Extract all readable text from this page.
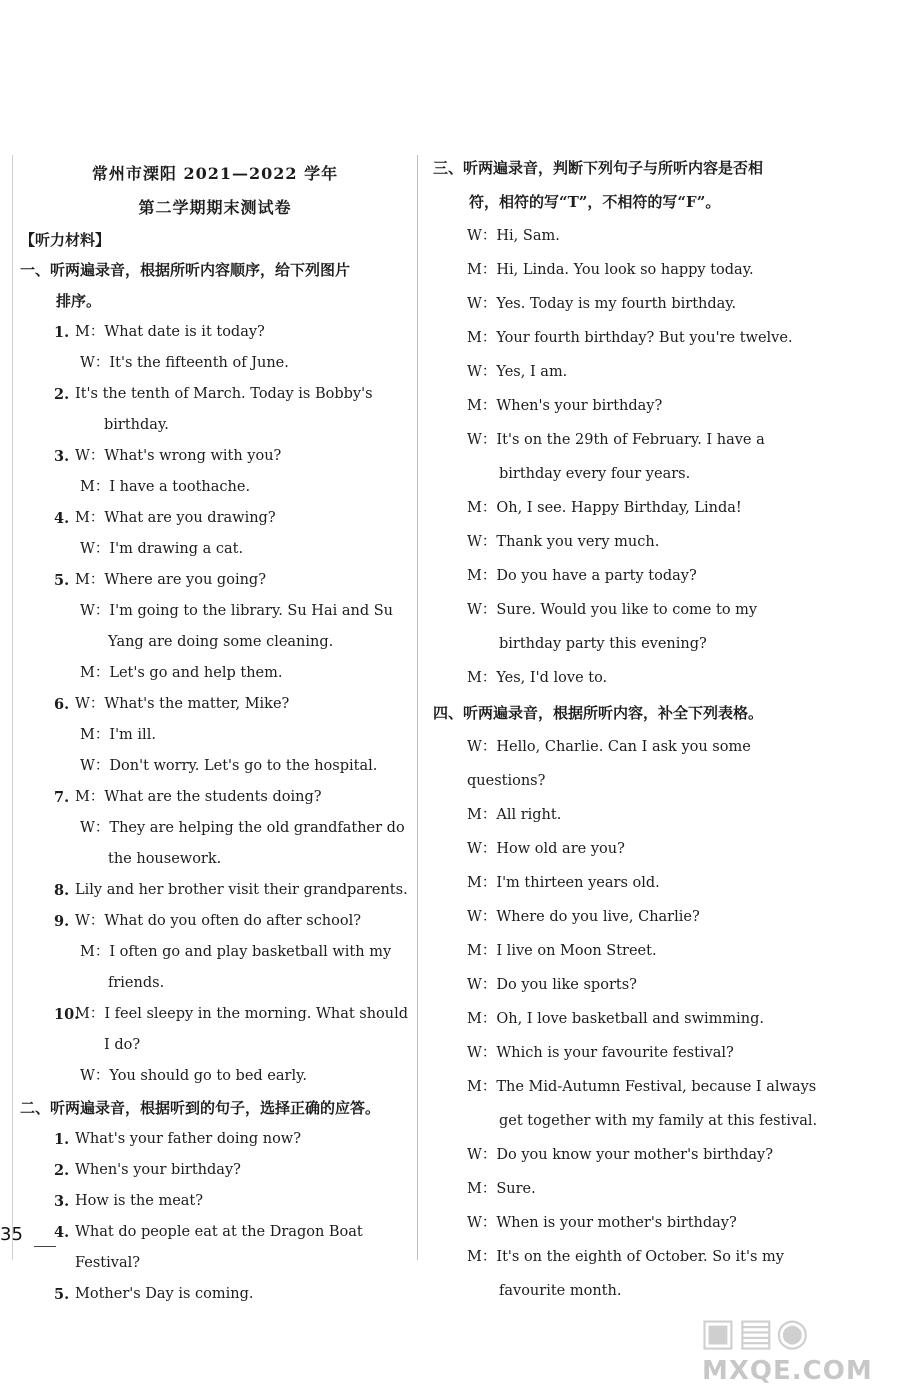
常州市溧阳 2021—2022 学年
第二学期期末测试卷
【听力材料】
一、听两遍录音，根据所听内容顺序，给下列图片
排序。
1. M：What date is it today?
W：It's the fifteenth of June.
2. It's the tenth of March. Today is Bobby's
birthday.
3. W：What's wrong with you?
M：I have a toothache.
4. M：What are you drawing?
W：I'm drawing a cat.
5. M：Where are you going?
W：I'm going to the library. Su Hai and Su
Yang are doing some cleaning.
M：Let's go and help them.
6. W：What's the matter, Mike?
M：I'm ill.
W：Don't worry. Let's go to the hospital.
7. M：What are the students doing?
W：They are helping the old grandfather do
the housework.
8. Lily and her brother visit their grandparents.
9. W：What do you often do after school?
M：I often go and play basketball with my
friends.
10.
M：I feel sleepy in the morning. What should
I do?
W：You should go to bed early.
二、听两遍录音，根据听到的句子，选择正确的应答。
1. What's your father doing now?
2. When's your birthday?
3. How is the meat?
4. What do people eat at the Dragon Boat Festival?
5. Mother's Day is coming.
三、听两遍录音，判断下列句子与所听内容是否相
符，相符的写“T”，不相符的写“F”。
W：Hi, Sam.
M：Hi, Linda. You look so happy today.
W：Yes. Today is my fourth birthday.
M：Your fourth birthday? But you're twelve.
W：Yes, I am.
M：When's your birthday?
W：It's on the 29th of February. I have a
birthday every four years.
M：Oh, I see. Happy Birthday, Linda!
W：Thank you very much.
M：Do you have a party today?
W：Sure. Would you like to come to my
birthday party this evening?
M：Yes, I'd love to.
四、听两遍录音，根据所听内容，补全下列表格。
W：Hello, Charlie. Can I ask you some questions?
M：All right.
W：How old are you?
M：I'm thirteen years old.
W：Where do you live, Charlie?
M：I live on Moon Street.
W：Do you like sports?
M：Oh, I love basketball and swimming.
W：Which is your favourite festival?
M：The Mid-Autumn Festival, because I always
get together with my family at this festival.
W：Do you know your mother's birthday?
M：Sure.
W：When is your mother's birthday?
M：It's on the eighth of October. So it's my
favourite month.
35
▣▤◉
MXQE.COM
